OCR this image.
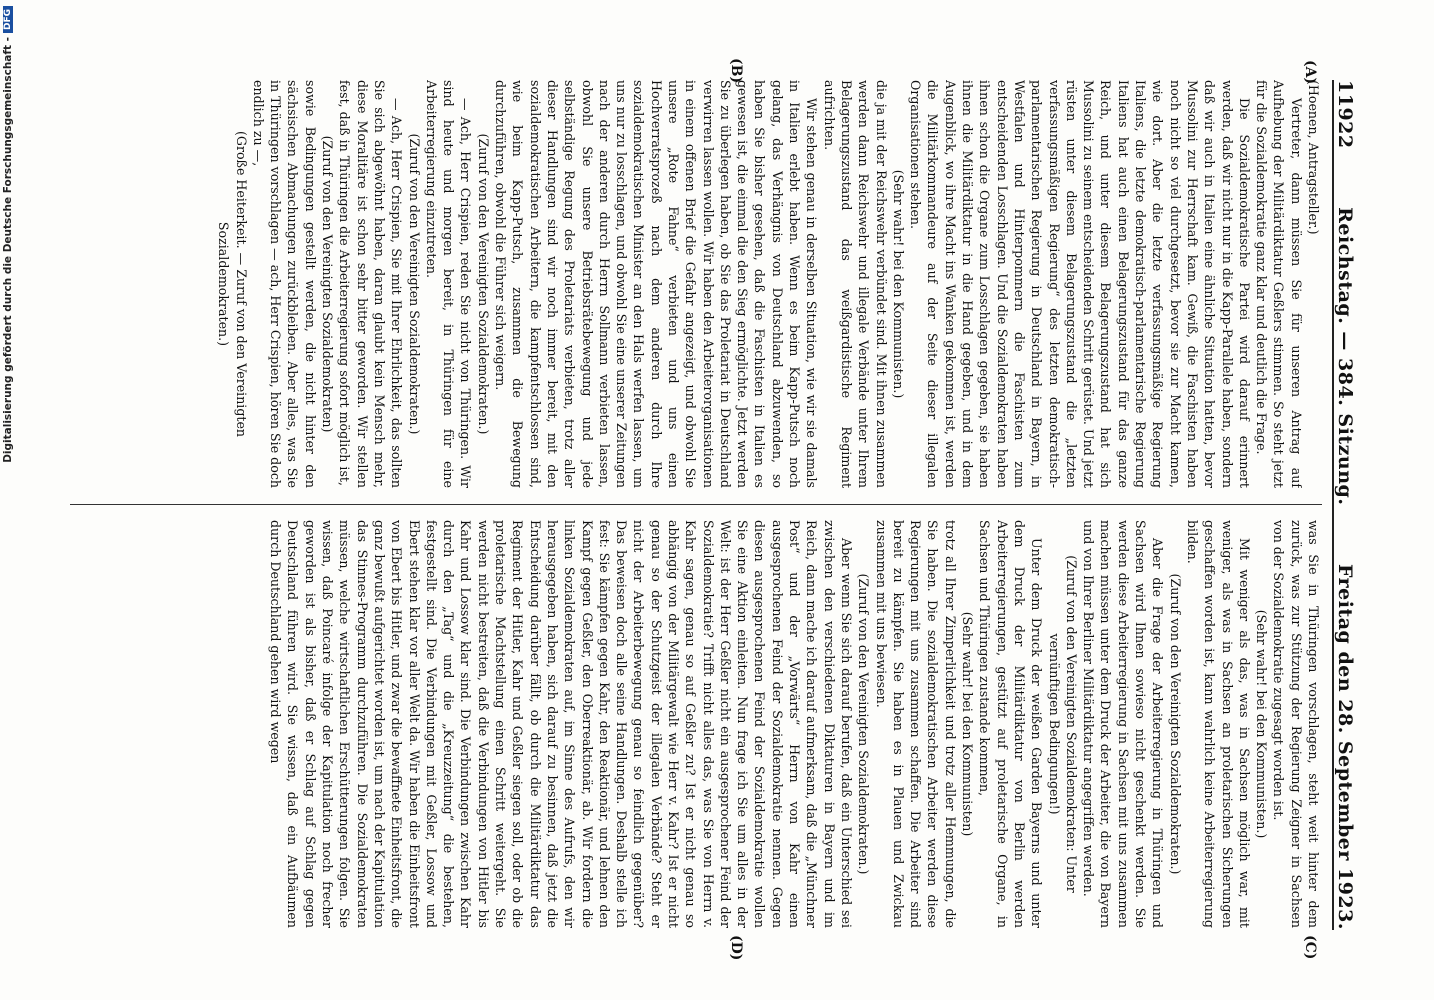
11922
Reichstag. — 384. Sitzung.
Freitag den 28. September 1923.
(A)
(B)
(C)
(D)

(Hoenen, Antragsteller.)

Vertreter, dann müssen Sie für unseren Antrag auf Aufhebung der Militärdiktatur Geßlers stimmen. So steht jetzt für die Sozialdemokratie ganz klar und deutlich die Frage.

Die Sozialdemokratische Partei wird darauf erinnert werden, daß wir nicht nur in die Kapp-Parallele haben, sondern daß wir auch in Italien eine ähnliche Situation hatten, bevor Mussolini zur Herrschaft kam. Gewiß, die Faschisten haben noch nicht so viel durchgesetzt, bevor sie zur Macht kamen, wie dort. Aber die letzte verfassungsmäßige Regierung Italiens, die letzte demokratisch-parlamentarische Regierung Italiens hat auch einen Belagerungszustand für das ganze Reich, und unter diesem Belagerungszustand hat sich Mussolini zu seinem entscheidenden Schritt gerüstet. Und jetzt rüsten unter diesem Belagerungszustand die „letzten verfassungsmäßigen Regierung“ des letzten demokratisch-parlamentarischen Regierung in Deutschland in Bayern, in Westfalen und Hinterpommern die Faschisten zum entscheidenden Losschlagen. Und die Sozialdemokraten haben ihnen schon die Organe zum Losschlagen gegeben, sie haben ihnen die Militärdiktatur in die Hand gegeben, und in dem Augenblick, wo ihre Macht ins Wanken gekommen ist, werden die Militärkommandeure auf der Seite dieser illegalen Organisationen stehen.

(Sehr wahr! bei den Kommunisten.)

die ja mit der Reichswehr verbündet sind. Mit ihnen zusammen werden dann Reichswehr und illegale Verbände unter Ihrem Belagerungszustand das weißgardistische Regiment aufrichten.

Wir stehen genau in derselben Situation, wie wir sie damals in Italien erlebt haben. Wenn es beim Kapp-Putsch noch gelang, das Verhängnis von Deutschland abzuwenden, so haben Sie bisher gesehen, daß die Faschisten in Italien es gewesen ist, die einmal die den Sieg ermöglichte. Jetzt werden Sie zu überlegen haben, ob Sie das Proletariat in Deutschland verwirren lassen wollen. Wir haben den Arbeiterorganisationen in einem offenen Brief die Gefahr angezeigt, und obwohl Sie unsere „Rote Fahne“ verbieten und uns einen Hochverratsprozeß nach dem anderen durch Ihre sozialdemokratischen Minister an den Hals werfen lassen, um uns nur zu losschlagen, und obwohl Sie eine unserer Zeitungen nach der anderen durch Herrn Sollmann verbieten lassen, obwohl Sie unsere Betriebsrätebewegung und jede selbständige Regung des Proletariats verbieten, trotz aller dieser Handlungen sind wir noch immer bereit, mit den sozialdemokratischen Arbeitern, die kampfentschlossen sind, wie beim Kapp-Putsch, zusammen die Bewegung durchzuführen, obwohl die Führer sich weigern.

(Zuruf von den Vereinigten Sozialdemokraten.)

— Ach, Herr Crispien, reden Sie nicht von Thüringen. Wir sind heute und morgen bereit, in Thüringen für eine Arbeiterregierung einzutreten.

(Zuruf von den Vereinigten Sozialdemokraten.)

— Ach, Herr Crispien, Sie mit Ihrer Ehrlichkeit, das sollten Sie sich abgewöhnt haben, daran glaubt kein Mensch mehr, diese Moralitäre ist schon sehr bitter geworden. Wir stellen fest, daß in Thüringen die Arbeiterregierung sofort möglich ist,

(Zuruf von den Vereinigten Sozialdemokraten)

sowie Bedingungen gestellt werden, die nicht hinter den sächsischen Abmachungen zurückbleiben. Aber alles, was Sie in Thüringen vorschlagen — ach, Herr Crispien, hören Sie doch endlich zu —,

(Große Heiterkeit. — Zuruf von den Vereinigten Sozialdemokraten.)

was Sie in Thüringen vorschlagen, steht weit hinter dem zurück, was zur Stützung der Regierung Zeigner in Sachsen von der Sozialdemokratie zugesagt worden ist.

(Sehr wahr! bei den Kommunisten.)

Mit weniger als das, was in Sachsen möglich war, mit weniger, als was in Sachsen an proletarischen Sicherungen geschaffen worden ist, kann wahrlich keine Arbeiterregierung bilden.

(Zuruf von den Vereinigten Sozialdemokraten.)

Aber die Frage der Arbeiterregierung in Thüringen und Sachsen wird Ihnen sowieso nicht geschenkt werden. Sie werden diese Arbeiterregierung in Sachsen mit uns zusammen machen müssen unter dem Druck der Arbeiter, die von Bayern und von Ihrer Berliner Militärdiktatur angegriffen werden.

(Zuruf von den Vereinigten Sozialdemokraten: Unter vernünftigen Bedingungen!)

Unter dem Druck der weißen Garden Bayerns und unter dem Druck der Militärdiktatur von Berlin werden Arbeiterregierungen, gestützt auf proletarische Organe, in Sachsen und Thüringen zustande kommen,

(Sehr wahr! bei den Kommunisten)

trotz all Ihrer Zimperlichkeit und trotz aller Hemmungen, die Sie haben. Die sozialdemokratischen Arbeiter werden diese Regierungen mit uns zusammen schaffen. Die Arbeiter sind bereit zu kämpfen. Sie haben es in Plauen und Zwickau zusammen mit uns bewiesen.

(Zuruf von den Vereinigten Sozialdemokraten.)

Aber wenn Sie sich darauf berufen, daß ein Unterschied sei zwischen den verschiedenen Diktaturen in Bayern und im Reich, dann mache ich darauf aufmerksam, daß die „Münchner Post“ und der „Vorwärts“ Herrn von Kahr einen ausgesprochenen Feind der Sozialdemokratie nennen. Gegen diesen ausgesprochenen Feind der Sozialdemokratie wollen Sie eine Aktion einleiten. Nun frage ich Sie um alles in der Welt: ist der Herr Geßler nicht ein ausgesprochener Feind der Sozialdemokratie? Trifft nicht alles das, was Sie von Herrn v. Kahr sagen, genau so auf Geßler zu? Ist er nicht genau so abhängig von der Militärgewalt wie Herr v. Kahr? Ist er nicht genau so der Schutzgeist der illegalen Verbände? Steht er nicht der Arbeiterbewegung genau so feindlich gegenüber? Das beweisen doch alle seine Handlungen. Deshalb stelle ich fest: Sie kämpfen gegen Kahr, den Reaktionär, und lehnen den Kampf gegen Geßler, den Oberreaktionär, ab. Wir fordern die linken Sozialdemokraten auf, im Sinne des Aufrufs, den wir herausgegeben haben, sich darauf zu besinnen, daß jetzt die Entscheidung darüber fällt, ob durch die Militärdiktatur das Regiment der Hitler, Kahr und Geßler siegen soll, oder ob die proletarische Machtstellung einen Schritt weitergeht. Sie werden nicht bestreiten, daß die Verbindungen von Hitler bis Kahr und Lossow klar sind. Die Verbindungen zwischen Kahr durch den „Tag“ und die „Kreuzzeitung“ die bestehen, festgestellt sind. Die Verbindungen mit Geßler, Lossow und Ebert stehen klar vor aller Welt da. Wir haben die Einheitsfront von Ebert bis Hitler, und zwar die bewaffnete Einheitsfront, die ganz bewußt aufgerichtet worden ist, um nach der Kapitulation das Stinnes-Programm durchzuführen. Die Sozialdemokraten müssen, welche wirtschaftlichen Erschütterungen folgen. Sie wissen, daß Poincaré infolge der Kapitulation noch frecher geworden ist als bisher, daß er Schlag auf Schlag gegen Deutschland führen wird. Sie wissen, daß ein Aufbäumen durch Deutschland gehen wird wegen

Digitalisierung gefördert durch die Deutsche Forschungsgemeinschaft -
DFG
